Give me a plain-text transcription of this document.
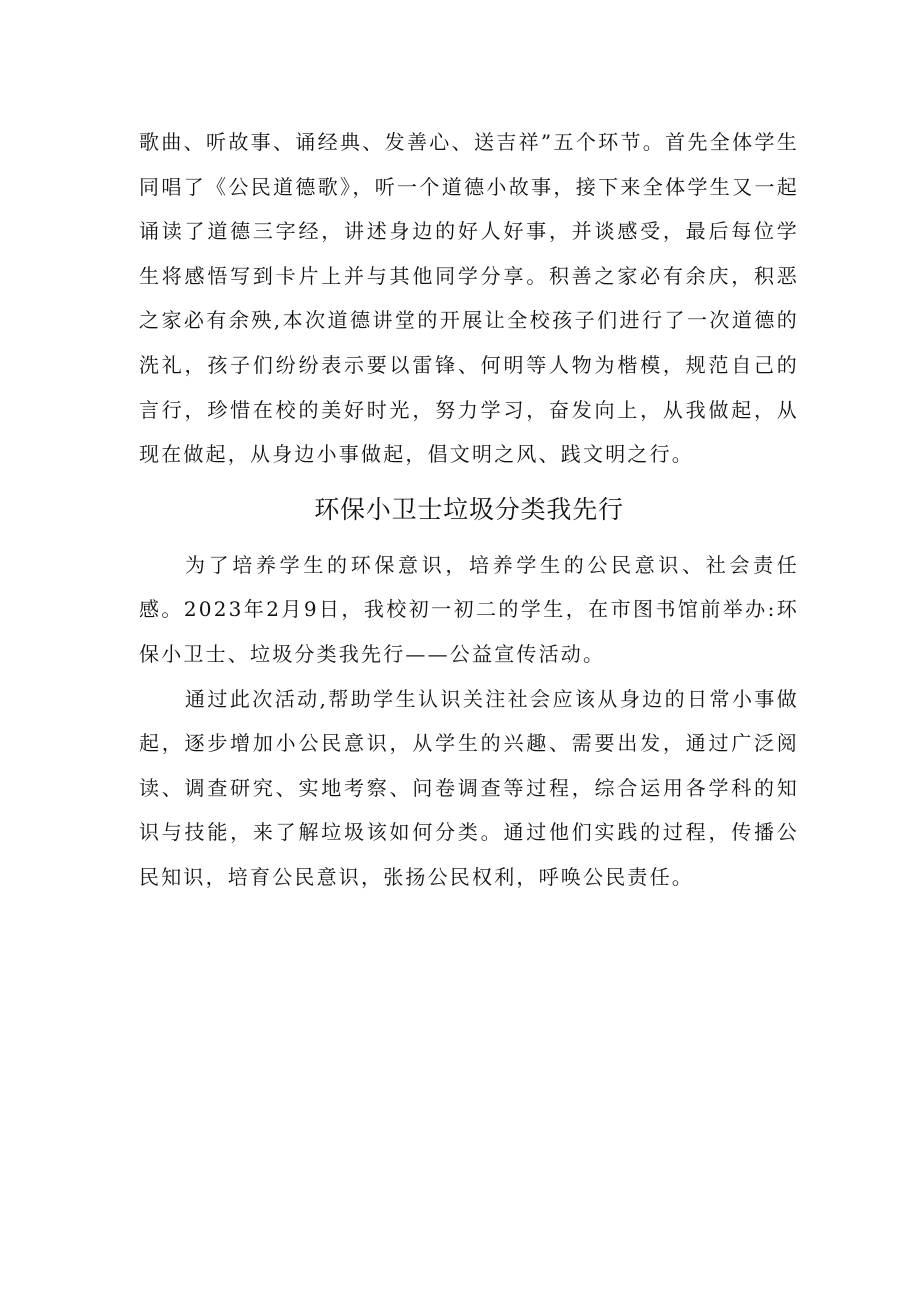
歌曲、听故事、诵经典、发善心、送吉祥”五个环节。首先全体学生同唱了《公民道德歌》，听一个道德小故事，接下来全体学生又一起诵读了道德三字经，讲述身边的好人好事，并谈感受，最后每位学生将感悟写到卡片上并与其他同学分享。积善之家必有余庆，积恶之家必有余殃,本次道德讲堂的开展让全校孩子们进行了一次道德的洗礼，孩子们纷纷表示要以雷锋、何明等人物为楷模，规范自己的言行，珍惜在校的美好时光，努力学习，奋发向上，从我做起，从现在做起，从身边小事做起，倡文明之风、践文明之行。

环保小卫士垃圾分类我先行

为了培养学生的环保意识，培养学生的公民意识、社会责任感。2023年2月9日，我校初一初二的学生，在市图书馆前举办:环保小卫士、垃圾分类我先行——公益宣传活动。

通过此次活动,帮助学生认识关注社会应该从身边的日常小事做起，逐步增加小公民意识，从学生的兴趣、需要出发，通过广泛阅读、调查研究、实地考察、问卷调查等过程，综合运用各学科的知识与技能，来了解垃圾该如何分类。通过他们实践的过程，传播公民知识，培育公民意识，张扬公民权利，呼唤公民责任。
